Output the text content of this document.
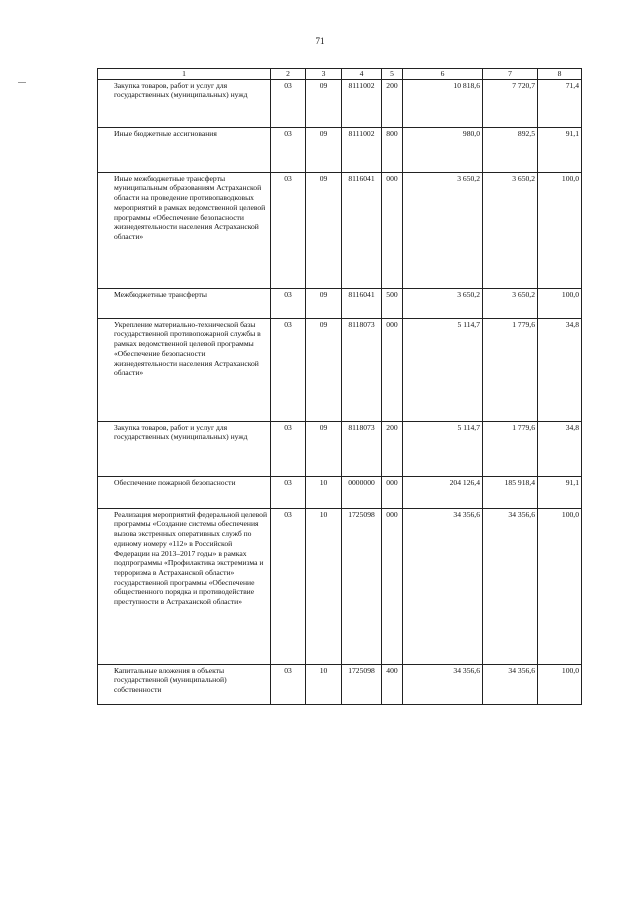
71
1	2	3	4	5	6	7	8
Закупка товаров, работ и услуг для государственных (муниципальных) нужд	03	09	8111002	200	10 818,6	7 720,7	71,4
Иные бюджетные ассигнования	03	09	8111002	800	980,0	892,5	91,1
Иные межбюджетные трансферты муниципальным образованиям Астраханской области на проведение противопаводковых мероприятий в рамках ведомственной целевой программы «Обеспечение безопасности жизнедеятельности населения Астраханской области»	03	09	8116041	000	3 650,2	3 650,2	100,0
Межбюджетные трансферты	03	09	8116041	500	3 650,2	3 650,2	100,0
Укрепление материально-технической базы государственной противопожарной службы в рамках ведомственной целевой программы «Обеспечение безопасности жизнедеятельности населения Астраханской области»	03	09	8118073	000	5 114,7	1 779,6	34,8
Закупка товаров, работ и услуг для государственных (муниципальных) нужд	03	09	8118073	200	5 114,7	1 779,6	34,8
Обеспечение пожарной безопасности	03	10	0000000	000	204 126,4	185 918,4	91,1
Реализация мероприятий федеральной целевой программы «Создание системы обеспечения вызова экстренных оперативных служб по единому номеру «112» в Российской Федерации на 2013–2017 годы» в рамках подпрограммы «Профилактика экстремизма и терроризма в Астраханской области» государственной программы «Обеспечение общественного порядка и противодействие преступности в Астраханской области»	03	10	1725098	000	34 356,6	34 356,6	100,0
Капитальные вложения в объекты государственной (муниципальной) собственности	03	10	1725098	400	34 356,6	34 356,6	100,0
